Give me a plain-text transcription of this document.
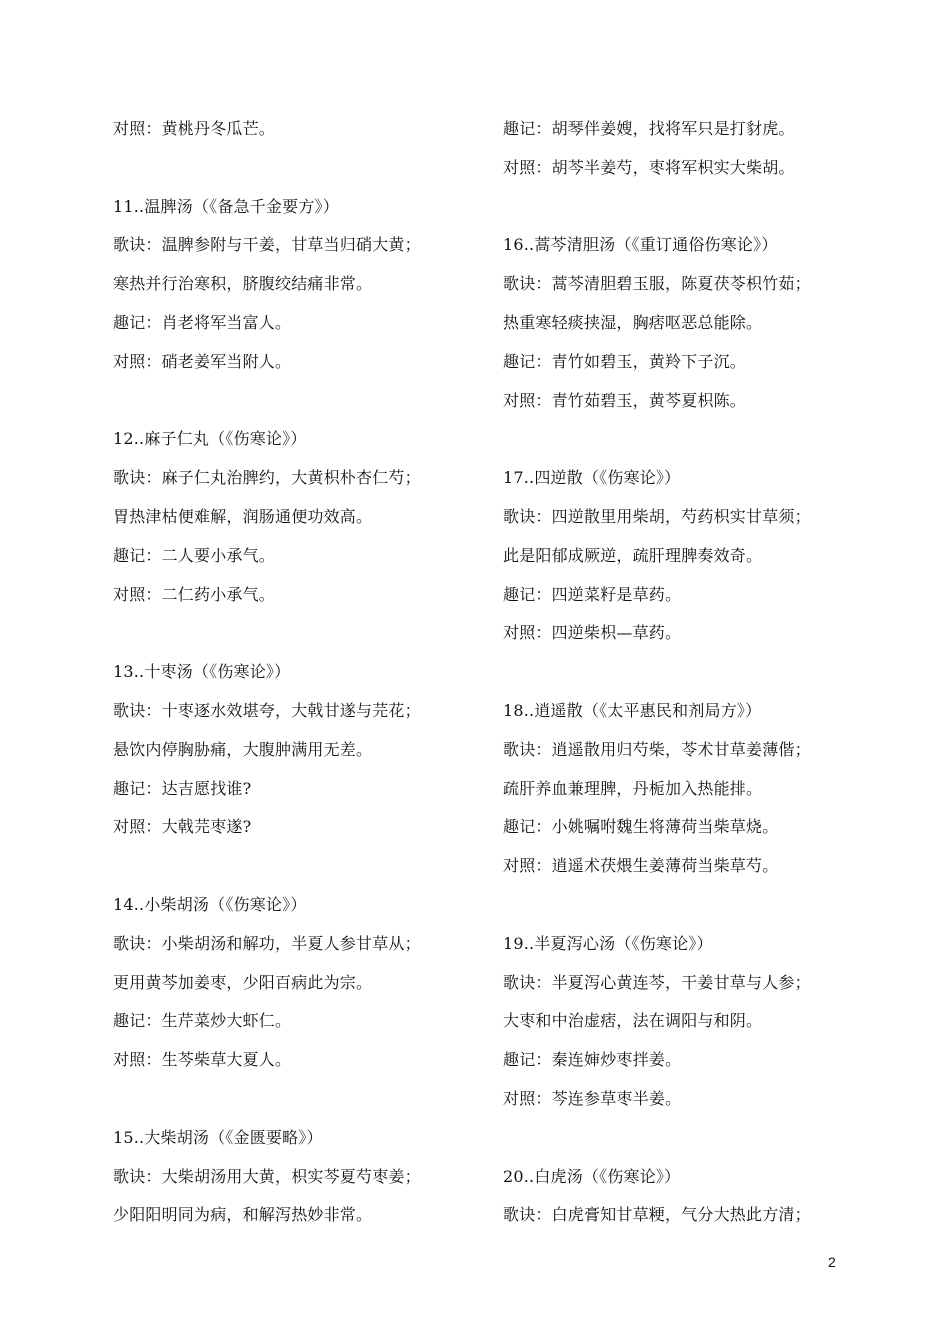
对照：黄桃丹冬瓜芒。
11..温脾汤（《备急千金要方》）
歌诀：温脾参附与干姜，甘草当归硝大黄；
寒热并行治寒积，脐腹绞结痛非常。
趣记：肖老将军当富人。
对照：硝老姜军当附人。
12..麻子仁丸（《伤寒论》）
歌诀：麻子仁丸治脾约，大黄枳朴杏仁芍；
胃热津枯便难解，润肠通便功效高。
趣记：二人要小承气。
对照：二仁药小承气。
13..十枣汤（《伤寒论》）
歌诀：十枣逐水效堪夸，大戟甘遂与芫花；
悬饮内停胸胁痛，大腹肿满用无差。
趣记：达吉愿找谁?
对照：大戟芫枣遂?
14..小柴胡汤（《伤寒论》）
歌诀：小柴胡汤和解功，半夏人参甘草从；
更用黄芩加姜枣，少阳百病此为宗。
趣记：生芹菜炒大虾仁。
对照：生芩柴草大夏人。
15..大柴胡汤（《金匮要略》）
歌诀：大柴胡汤用大黄，枳实芩夏芍枣姜；
少阳阳明同为病，和解泻热妙非常。
趣记：胡琴伴姜嫂，找将军只是打豺虎。
对照：胡芩半姜芍，枣将军枳实大柴胡。
16..蒿芩清胆汤（《重订通俗伤寒论》）
歌诀：蒿芩清胆碧玉服，陈夏茯苓枳竹茹；
热重寒轻痰挟湿，胸痞呕恶总能除。
趣记：青竹如碧玉，黄羚下子沉。
对照：青竹茹碧玉，黄芩夏枳陈。
17..四逆散（《伤寒论》）
歌诀：四逆散里用柴胡，芍药枳实甘草须；
此是阳郁成厥逆，疏肝理脾奏效奇。
趣记：四逆菜籽是草药。
对照：四逆柴枳—草药。
18..逍遥散（《太平惠民和剂局方》）
歌诀：逍遥散用归芍柴，苓术甘草姜薄偕；
疏肝养血兼理脾，丹栀加入热能排。
趣记：小姚嘱咐魏生将薄荷当柴草烧。
对照：逍遥术茯煨生姜薄荷当柴草芍。
19..半夏泻心汤（《伤寒论》）
歌诀：半夏泻心黄连芩，干姜甘草与人参；
大枣和中治虚痞，法在调阳与和阴。
趣记：秦连婶炒枣拌姜。
对照：芩连参草枣半姜。
20..白虎汤（《伤寒论》）
歌诀：白虎膏知甘草粳，气分大热此方清；
2
